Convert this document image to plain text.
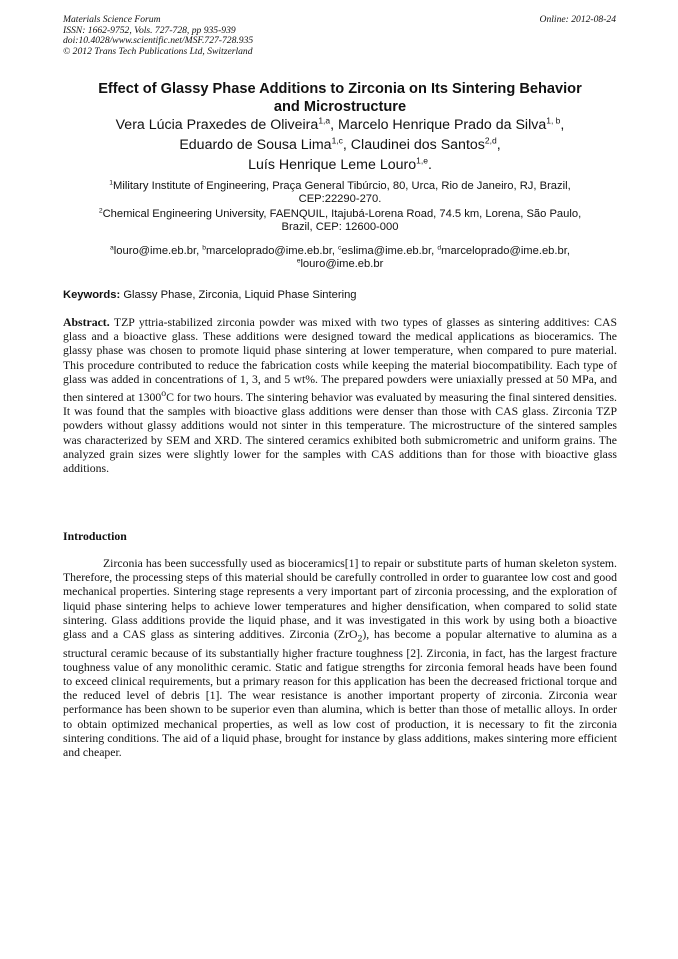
Materials Science Forum
ISSN: 1662-9752, Vols. 727-728, pp 935-939
doi:10.4028/www.scientific.net/MSF.727-728.935
© 2012 Trans Tech Publications Ltd, Switzerland
Online: 2012-08-24
Effect of Glassy Phase Additions to Zirconia on Its Sintering Behavior
and Microstructure
Vera Lúcia Praxedes de Oliveira$^{1,a}$, Marcelo Henrique Prado da Silva$^{1, b}$,
Eduardo de Sousa Lima$^{1,c}$, Claudinei dos Santos$^{2,d}$,
Luís Henrique Leme Louro$^{1,e}$.
$^1$Military Institute of Engineering, Praça General Tibúrcio, 80, Urca, Rio de Janeiro, RJ, Brazil,
CEP:22290-270.
$^2$Chemical Engineering University, FAENQUIL, Itajubá-Lorena Road, 74.5 km, Lorena, São Paulo,
Brazil, CEP: 12600-000
$^a$louro@ime.eb.br, $^b$marceloprado@ime.eb.br, $^c$eslima@ime.eb.br, $^d$marceloprado@ime.eb.br,
$^e$louro@ime.eb.br
Keywords: Glassy Phase, Zirconia, Liquid Phase Sintering
Abstract. TZP yttria-stabilized zirconia powder was mixed with two types of glasses as sintering additives: CAS glass and a bioactive glass. These additions were designed toward the medical applications as bioceramics. The glassy phase was chosen to promote liquid phase sintering at lower temperature, when compared to pure material. This procedure contributed to reduce the fabrication costs while keeping the material biocompatibility. Each type of glass was added in concentrations of 1, 3, and 5 wt%. The prepared powders were uniaxially pressed at 50 MPa, and then sintered at 1300$^o$C for two hours. The sintering behavior was evaluated by measuring the final sintered densities. It was found that the samples with bioactive glass additions were denser than those with CAS glass. Zirconia TZP powders without glassy additions would not sinter in this temperature. The microstructure of the sintered samples was characterized by SEM and XRD. The sintered ceramics exhibited both submicrometric and uniform grains. The analyzed grain sizes were slightly lower for the samples with CAS additions than for those with bioactive glass additions.
Introduction
Zirconia has been successfully used as bioceramics[1] to repair or substitute parts of human skeleton system. Therefore, the processing steps of this material should be carefully controlled in order to guarantee low cost and good mechanical properties. Sintering stage represents a very important part of zirconia processing, and the exploration of liquid phase sintering helps to achieve lower temperatures and higher densification, when compared to solid state sintering. Glass additions provide the liquid phase, and it was investigated in this work by using both a bioactive glass and a CAS glass as sintering additives. Zirconia (ZrO$_2$), has become a popular alternative to alumina as a structural ceramic because of its substantially higher fracture toughness [2]. Zirconia, in fact, has the largest fracture toughness value of any monolithic ceramic. Static and fatigue strengths for zirconia femoral heads have been found to exceed clinical requirements, but a primary reason for this application has been the decreased frictional torque and the reduced level of debris [1]. The wear resistance is another important property of zirconia. Zirconia wear performance has been shown to be superior even than alumina, which is better than those of metallic alloys. In order to obtain optimized mechanical properties, as well as low cost of production, it is necessary to fit the zirconia sintering conditions. The aid of a liquid phase, brought for instance by glass additions, makes sintering more efficient and cheaper.
